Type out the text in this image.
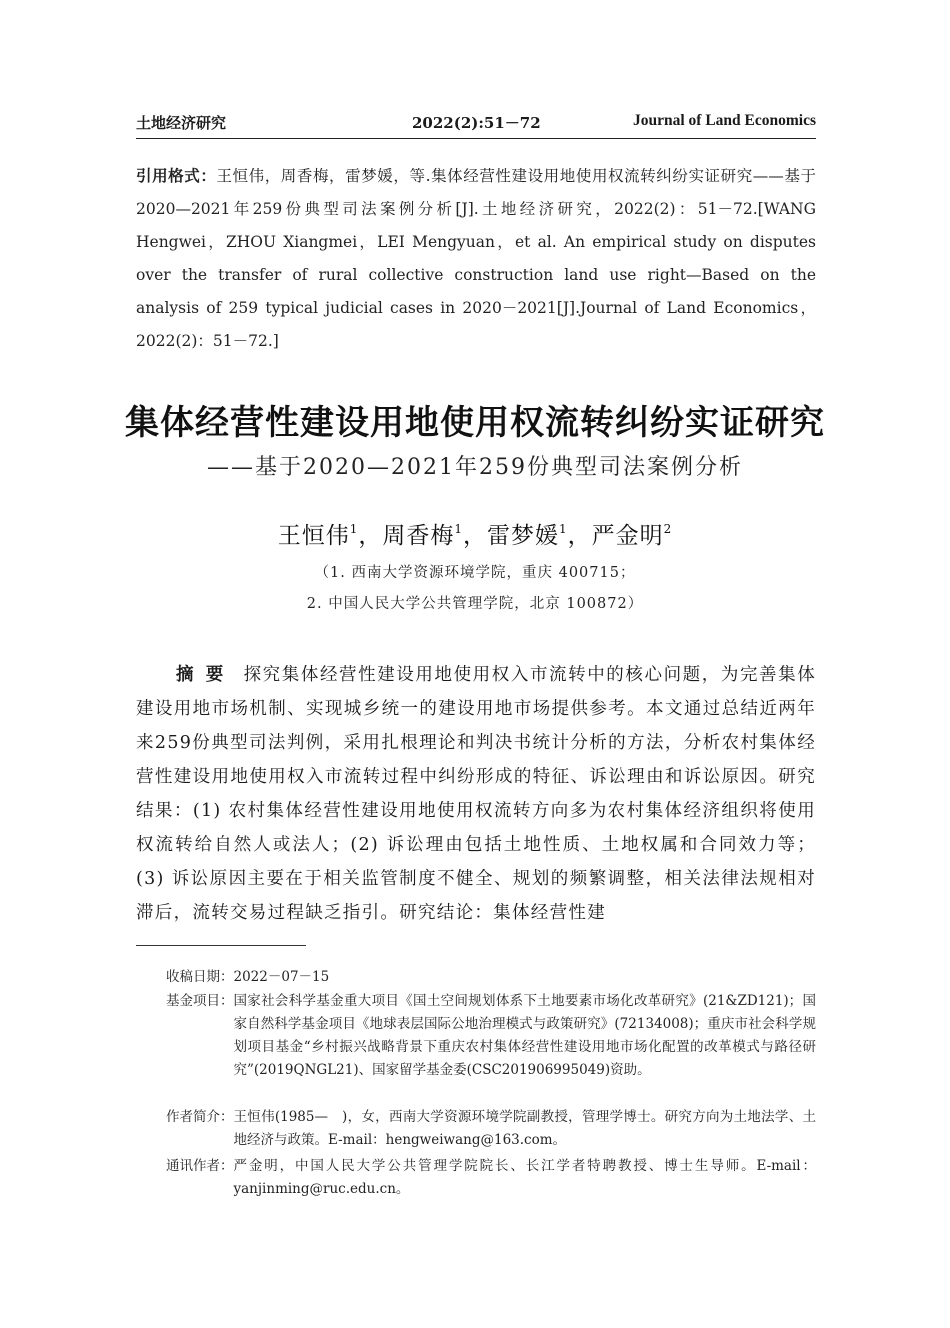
土地经济研究	2022(2):51－72	Journal of Land Economics
引用格式：王恒伟，周香梅，雷梦媛，等.集体经营性建设用地使用权流转纠纷实证研究——基于2020—2021年259份典型司法案例分析[J].土地经济研究，2022(2)：51－72.[WANG Hengwei，ZHOU Xiangmei，LEI Mengyuan，et al. An empirical study on disputes over the transfer of rural collective construction land use right—Based on the analysis of 259 typical judicial cases in 2020－2021[J].Journal of Land Economics，2022(2)：51－72.]
集体经营性建设用地使用权流转纠纷实证研究
——基于2020—2021年259份典型司法案例分析
王恒伟$^1$，周香梅$^1$，雷梦媛$^1$，严金明$^2$
（1. 西南大学资源环境学院，重庆 400715；
2. 中国人民大学公共管理学院，北京 100872）
摘要 探究集体经营性建设用地使用权入市流转中的核心问题，为完善集体建设用地市场机制、实现城乡统一的建设用地市场提供参考。本文通过总结近两年来259份典型司法判例，采用扎根理论和判决书统计分析的方法，分析农村集体经营性建设用地使用权入市流转过程中纠纷形成的特征、诉讼理由和诉讼原因。研究结果：(1) 农村集体经营性建设用地使用权流转方向多为农村集体经济组织将使用权流转给自然人或法人；(2) 诉讼理由包括土地性质、土地权属和合同效力等；(3) 诉讼原因主要在于相关监管制度不健全、规划的频繁调整，相关法律法规相对滞后，流转交易过程缺乏指引。研究结论：集体经营性建
收稿日期： 2022－07－15
基金项目： 国家社会科学基金重大项目《国土空间规划体系下土地要素市场化改革研究》(21&ZD121)；国家自然科学基金项目《地球表层国际公地治理模式与政策研究》(72134008)；重庆市社会科学规划项目基金“乡村振兴战略背景下重庆农村集体经营性建设用地市场化配置的改革模式与路径研究”(2019QNGL21)、国家留学基金委(CSC201906995049)资助。
作者简介： 王恒伟(1985—　)，女，西南大学资源环境学院副教授，管理学博士。研究方向为土地法学、土地经济与政策。E-mail：hengweiwang@163.com。
通讯作者： 严金明，中国人民大学公共管理学院院长、长江学者特聘教授、博士生导师。E-mail：yanjinming@ruc.edu.cn。
